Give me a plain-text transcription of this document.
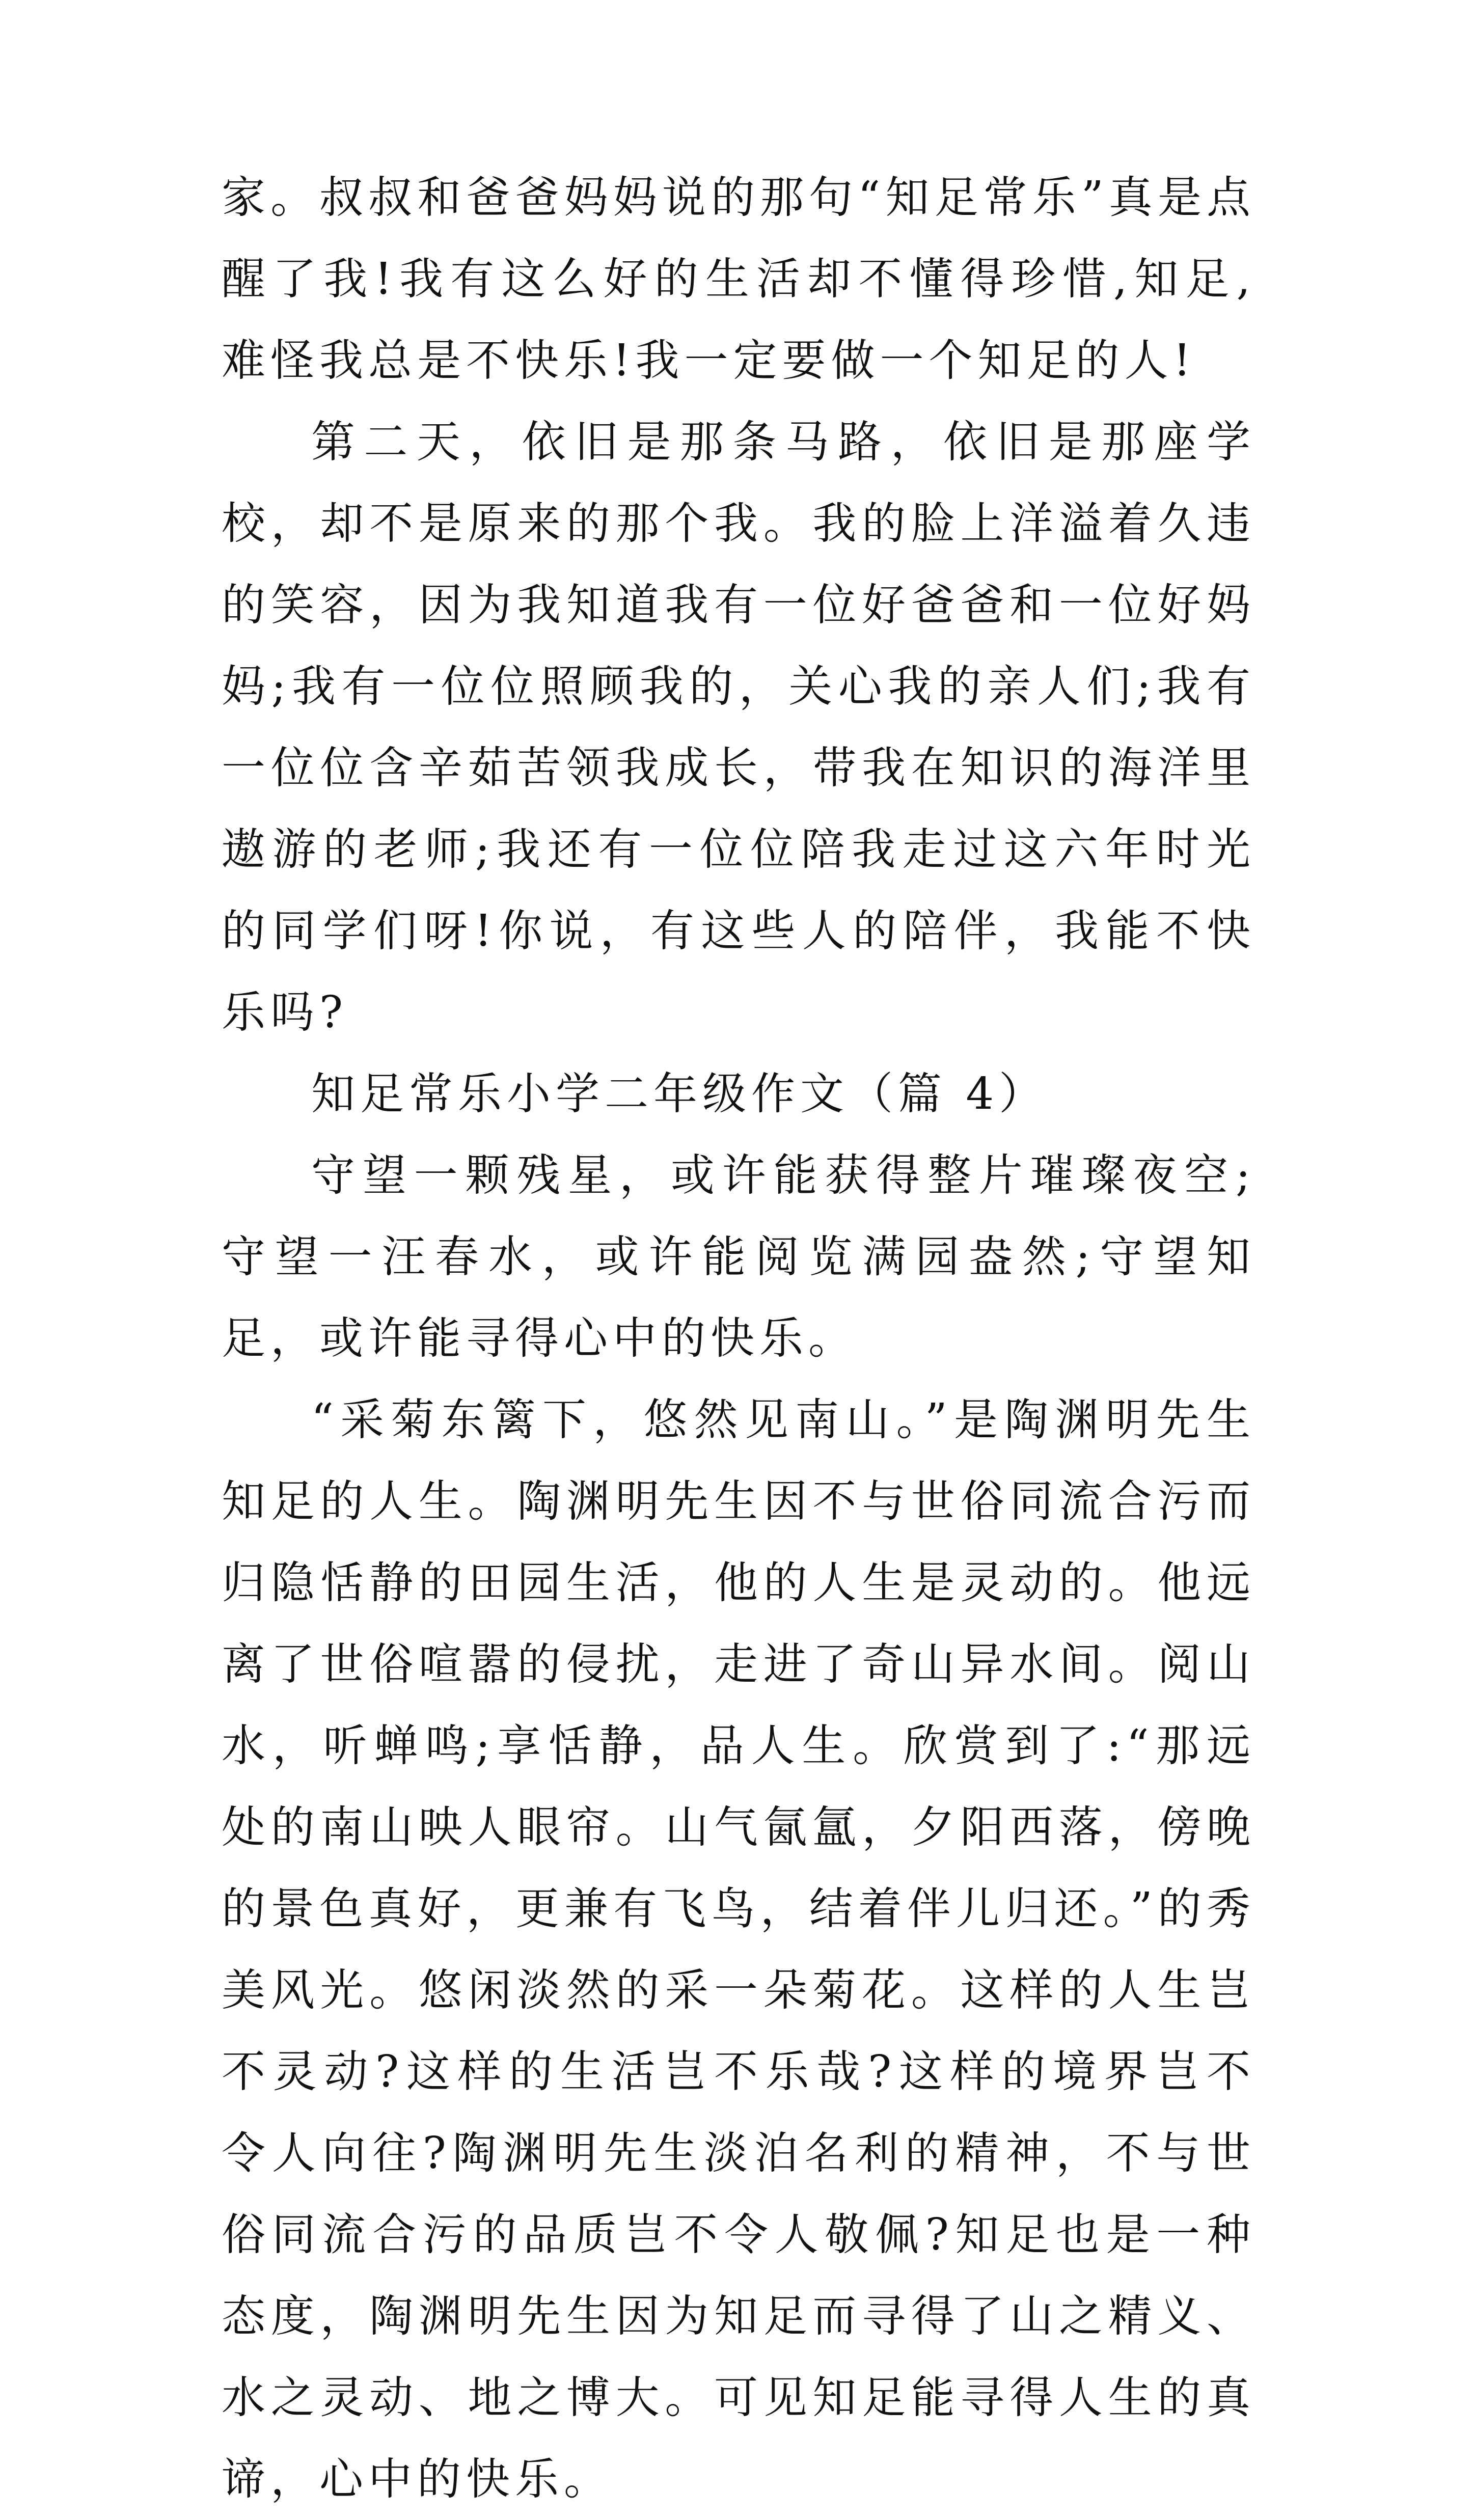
家。叔叔和爸爸妈妈说的那句“知足常乐”真是点醒了我!我有这么好的生活却不懂得珍惜,知足,难怪我总是不快乐!我一定要做一个知足的人!

第二天，依旧是那条马路，依旧是那座学校，却不是原来的那个我。我的脸上洋溢着久违的笑容，因为我知道我有一位好爸爸和一位好妈妈;我有一位位照顾我的，关心我的亲人们;我有一位位含辛茹苦领我成长，带我在知识的海洋里遨游的老师;我还有一位位陪我走过这六年时光的同学们呀!你说，有这些人的陪伴，我能不快乐吗?

知足常乐小学二年级作文（篇 4）

守望一颗残星，或许能获得整片璀璨夜空;守望一汪春水，或许能阅览满园盎然;守望知足，或许能寻得心中的快乐。

“采菊东篱下，悠然见南山。”是陶渊明先生知足的人生。陶渊明先生因不与世俗同流合污而归隐恬静的田园生活，他的人生是灵动的。他远离了世俗喧嚣的侵扰，走进了奇山异水间。阅山水，听蝉鸣;享恬静，品人生。欣赏到了:“那远处的南山映人眼帘。山气氤氲，夕阳西落，傍晚的景色真好，更兼有飞鸟，结着伴儿归还。”的秀美风光。悠闲淡然的采一朵菊花。这样的人生岂不灵动?这样的生活岂不乐哉?这样的境界岂不令人向往?陶渊明先生淡泊名利的精神，不与世俗同流合污的品质岂不令人敬佩?知足也是一种态度，陶渊明先生因为知足而寻得了山之精义、水之灵动、地之博大。可见知足能寻得人生的真谛，心中的快乐。
